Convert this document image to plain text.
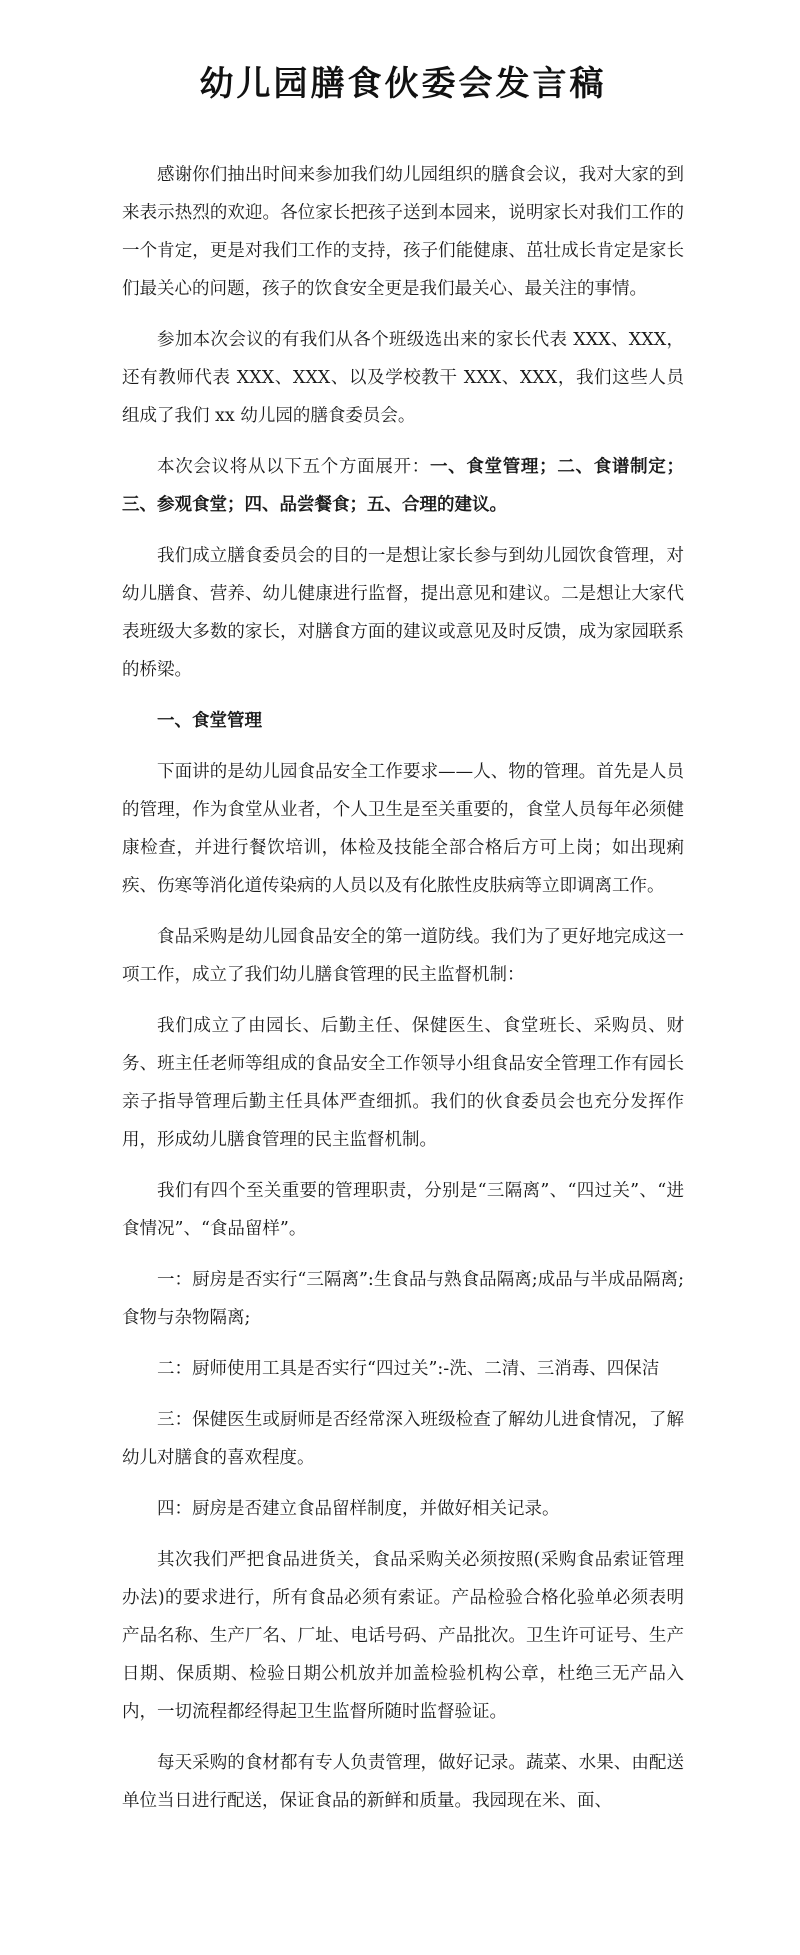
幼儿园膳食伙委会发言稿

感谢你们抽出时间来参加我们幼儿园组织的膳食会议，我对大家的到来表示热烈的欢迎。各位家长把孩子送到本园来，说明家长对我们工作的一个肯定，更是对我们工作的支持，孩子们能健康、茁壮成长肯定是家长们最关心的问题，孩子的饮食安全更是我们最关心、最关注的事情。

参加本次会议的有我们从各个班级选出来的家长代表 XXX、XXX，还有教师代表 XXX、XXX、以及学校教干 XXX、XXX，我们这些人员组成了我们 xx 幼儿园的膳食委员会。

本次会议将从以下五个方面展开：一、食堂管理；二、食谱制定；三、参观食堂；四、品尝餐食；五、合理的建议。

我们成立膳食委员会的目的一是想让家长参与到幼儿园饮食管理，对幼儿膳食、营养、幼儿健康进行监督，提出意见和建议。二是想让大家代表班级大多数的家长，对膳食方面的建议或意见及时反馈，成为家园联系的桥梁。

一、食堂管理

下面讲的是幼儿园食品安全工作要求——人、物的管理。首先是人员的管理，作为食堂从业者，个人卫生是至关重要的，食堂人员每年必须健康检查，并进行餐饮培训，体检及技能全部合格后方可上岗；如出现痢疾、伤寒等消化道传染病的人员以及有化脓性皮肤病等立即调离工作。

食品采购是幼儿园食品安全的第一道防线。我们为了更好地完成这一项工作，成立了我们幼儿膳食管理的民主监督机制：

我们成立了由园长、后勤主任、保健医生、食堂班长、采购员、财务、班主任老师等组成的食品安全工作领导小组食品安全管理工作有园长亲子指导管理后勤主任具体严查细抓。我们的伙食委员会也充分发挥作用，形成幼儿膳食管理的民主监督机制。

我们有四个至关重要的管理职责，分别是“三隔离”、“四过关”、“进食情况”、“食品留样”。

一：厨房是否实行“三隔离”:生食品与熟食品隔离;成品与半成品隔离;食物与杂物隔离;

二：厨师使用工具是否实行“四过关”:-洗、二清、三消毒、四保洁

三：保健医生或厨师是否经常深入班级检查了解幼儿进食情况，了解幼儿对膳食的喜欢程度。

四：厨房是否建立食品留样制度，并做好相关记录。

其次我们严把食品进货关，食品采购关必须按照(采购食品索证管理办法)的要求进行，所有食品必须有索证。产品检验合格化验单必须表明产品名称、生产厂名、厂址、电话号码、产品批次。卫生许可证号、生产日期、保质期、检验日期公机放并加盖检验机构公章，杜绝三无产品入内，一切流程都经得起卫生监督所随时监督验证。

每天采购的食材都有专人负责管理，做好记录。蔬菜、水果、由配送单位当日进行配送，保证食品的新鲜和质量。我园现在米、面、
